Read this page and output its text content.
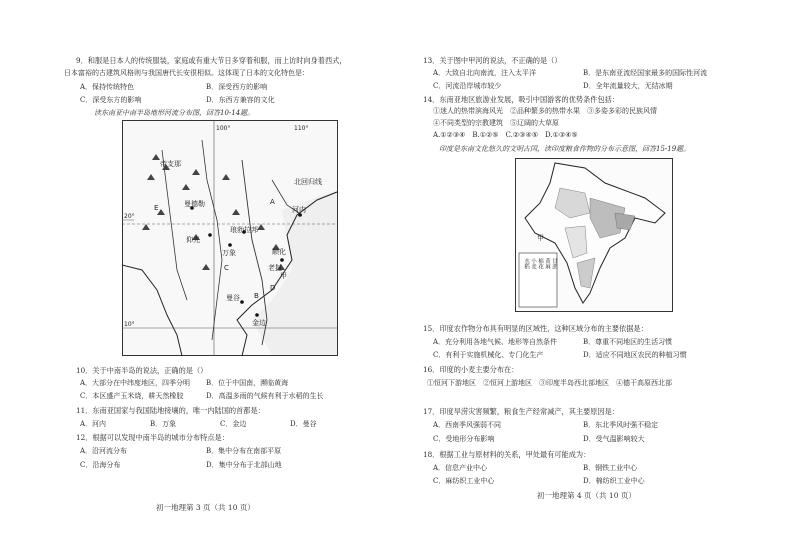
9．和服是日本人的传统服装，家庭或有重大节日多穿着和服，而上访时向身着西式，
日本富裕的古建筑风格则与我国唐代长安很相似。这体现了日本的文化特色是：
A．保持传统特色	B．深受西方的影响
C．深受东方的影响	D．东西方兼容的文化
读东南亚中南半岛地形河流分布图，回答10-14题。
100°	110°
20°
10°
北回归线
帝支那
曼德勒
河内
琅勃拉邦
万象
仰光
顺化
老挝
曼谷
金边
A
B
C
D
E
甲
10．关于中南半岛的说法，正确的是（）
A．大部分在中纬度地区，四季分明 B．位于中国南，濒临黄海
C．本区盛产玉米烧，耕天然橡胶	D．高温多雨的气候有利于水稻的生长
11．东南亚国家与我国陆地接壤的，唯一内陆国的首都是：
A．河内	B．万象	C．金边	D．曼谷
12．根据可以发现中南半岛的城市分布特点是：
A．沿河流分布	B．集中分布在南部平原
C．沿海分布	D．集中分布于北部山地
初一地理第 3 页（共 10 页）
13．关于图中甲河的说法，不正确的是（）
A．大致自北向南流，注入太平洋	B．是东南亚流经国家最多的国际性河流
C．河流沿岸城市较少	D．全年流量较大，无结冰期
14．东南亚地区旅游业发展，吸引中国游客的优势条件包括：
①迷人的热带滨海风光　②品种繁多的热带水果　③多姿多彩的民族风情
④不同类型的宗教建筑　⑤辽阔的大草原
A.①②③④　B.①②⑤　C.②③④⑤　D.①③④⑤
印度是东南文化悠久的文明古国，读印度粮食作物的分布示意图，回答15-19题。
甲
水稻 小麦 棉花 黄麻 甘蔗
15．印度农作物分布具有明显的区域性，这种区域分布的主要依据是：
A．充分利用各地气候、地形等自然条件	B．尊重不同地区的生活习惯
C．有利于实施机械化、专门化生产	D．适应不同地区农民的种植习惯
16．印度的小麦主要分布在：
①恒河下游地区　②恒河上游地区　③印度半岛西北部地区　④德干高原西北部
17．印度旱涝灾害频繁，粮食生产经常减产，其主要原因是：
A．西南季风强弱不同	B．东北季风时强不稳定
C．受地形分布影响	D．受气温影响较大
18．根据工业与原材料的关系，甲处最有可能成为：
A．信息产业中心	B．钢铁工业中心
C．麻纺织工业中心	D．棉纺织工业中心
初一地理第 4 页（共 10 页）
